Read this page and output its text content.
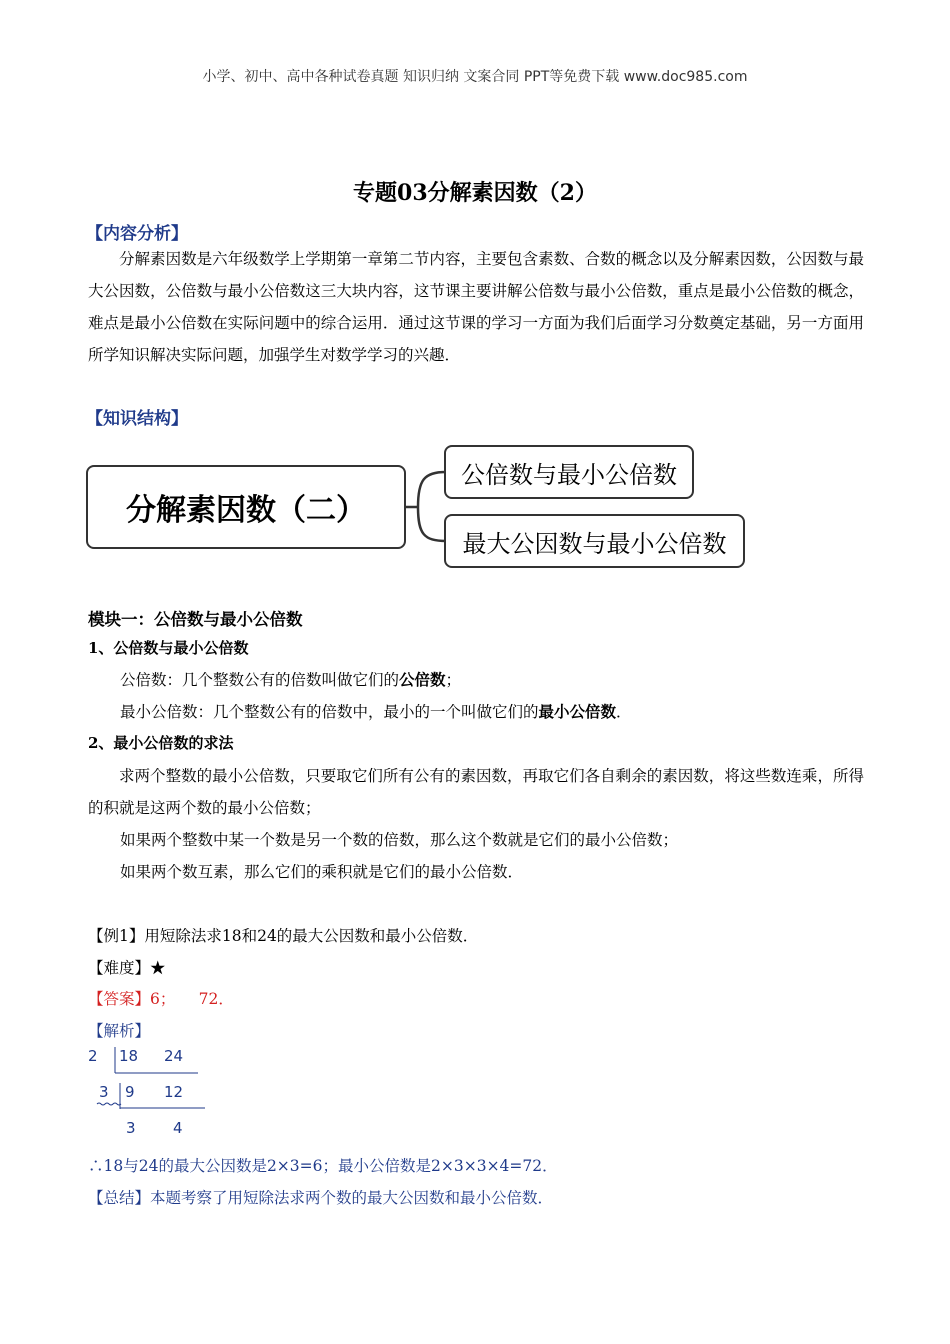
小学、初中、高中各种试卷真题 知识归纳 文案合同 PPT等免费下载 www.doc985.com
专题03分解素因数（2）
【内容分析】
分解素因数是六年级数学上学期第一章第二节内容，主要包含素数、合数的概念以及分解素因数，公因数与最大公因数，公倍数与最小公倍数这三大块内容，这节课主要讲解公倍数与最小公倍数，重点是最小公倍数的概念，难点是最小公倍数在实际问题中的综合运用．通过这节课的学习一方面为我们后面学习分数奠定基础，另一方面用所学知识解决实际问题，加强学生对数学学习的兴趣．
【知识结构】
分解素因数（二）
公倍数与最小公倍数
最大公因数与最小公倍数
模块一：公倍数与最小公倍数
1、公倍数与最小公倍数
公倍数：几个整数公有的倍数叫做它们的公倍数；
最小公倍数：几个整数公有的倍数中，最小的一个叫做它们的最小公倍数．
2、最小公倍数的求法
求两个整数的最小公倍数，只要取它们所有公有的素因数，再取它们各自剩余的素因数，将这些数连乘，所得的积就是这两个数的最小公倍数；
如果两个整数中某一个数是另一个数的倍数，那么这个数就是它们的最小公倍数；
如果两个数互素，那么它们的乘积就是它们的最小公倍数．
【例1】用短除法求18和24的最大公因数和最小公倍数．
【难度】★
【答案】6；　　72．
【解析】
2 18 24
3 9 12
3 4
∴18与24的最大公因数是2×3=6；最小公倍数是2×3×3×4=72．
【总结】本题考察了用短除法求两个数的最大公因数和最小公倍数．
